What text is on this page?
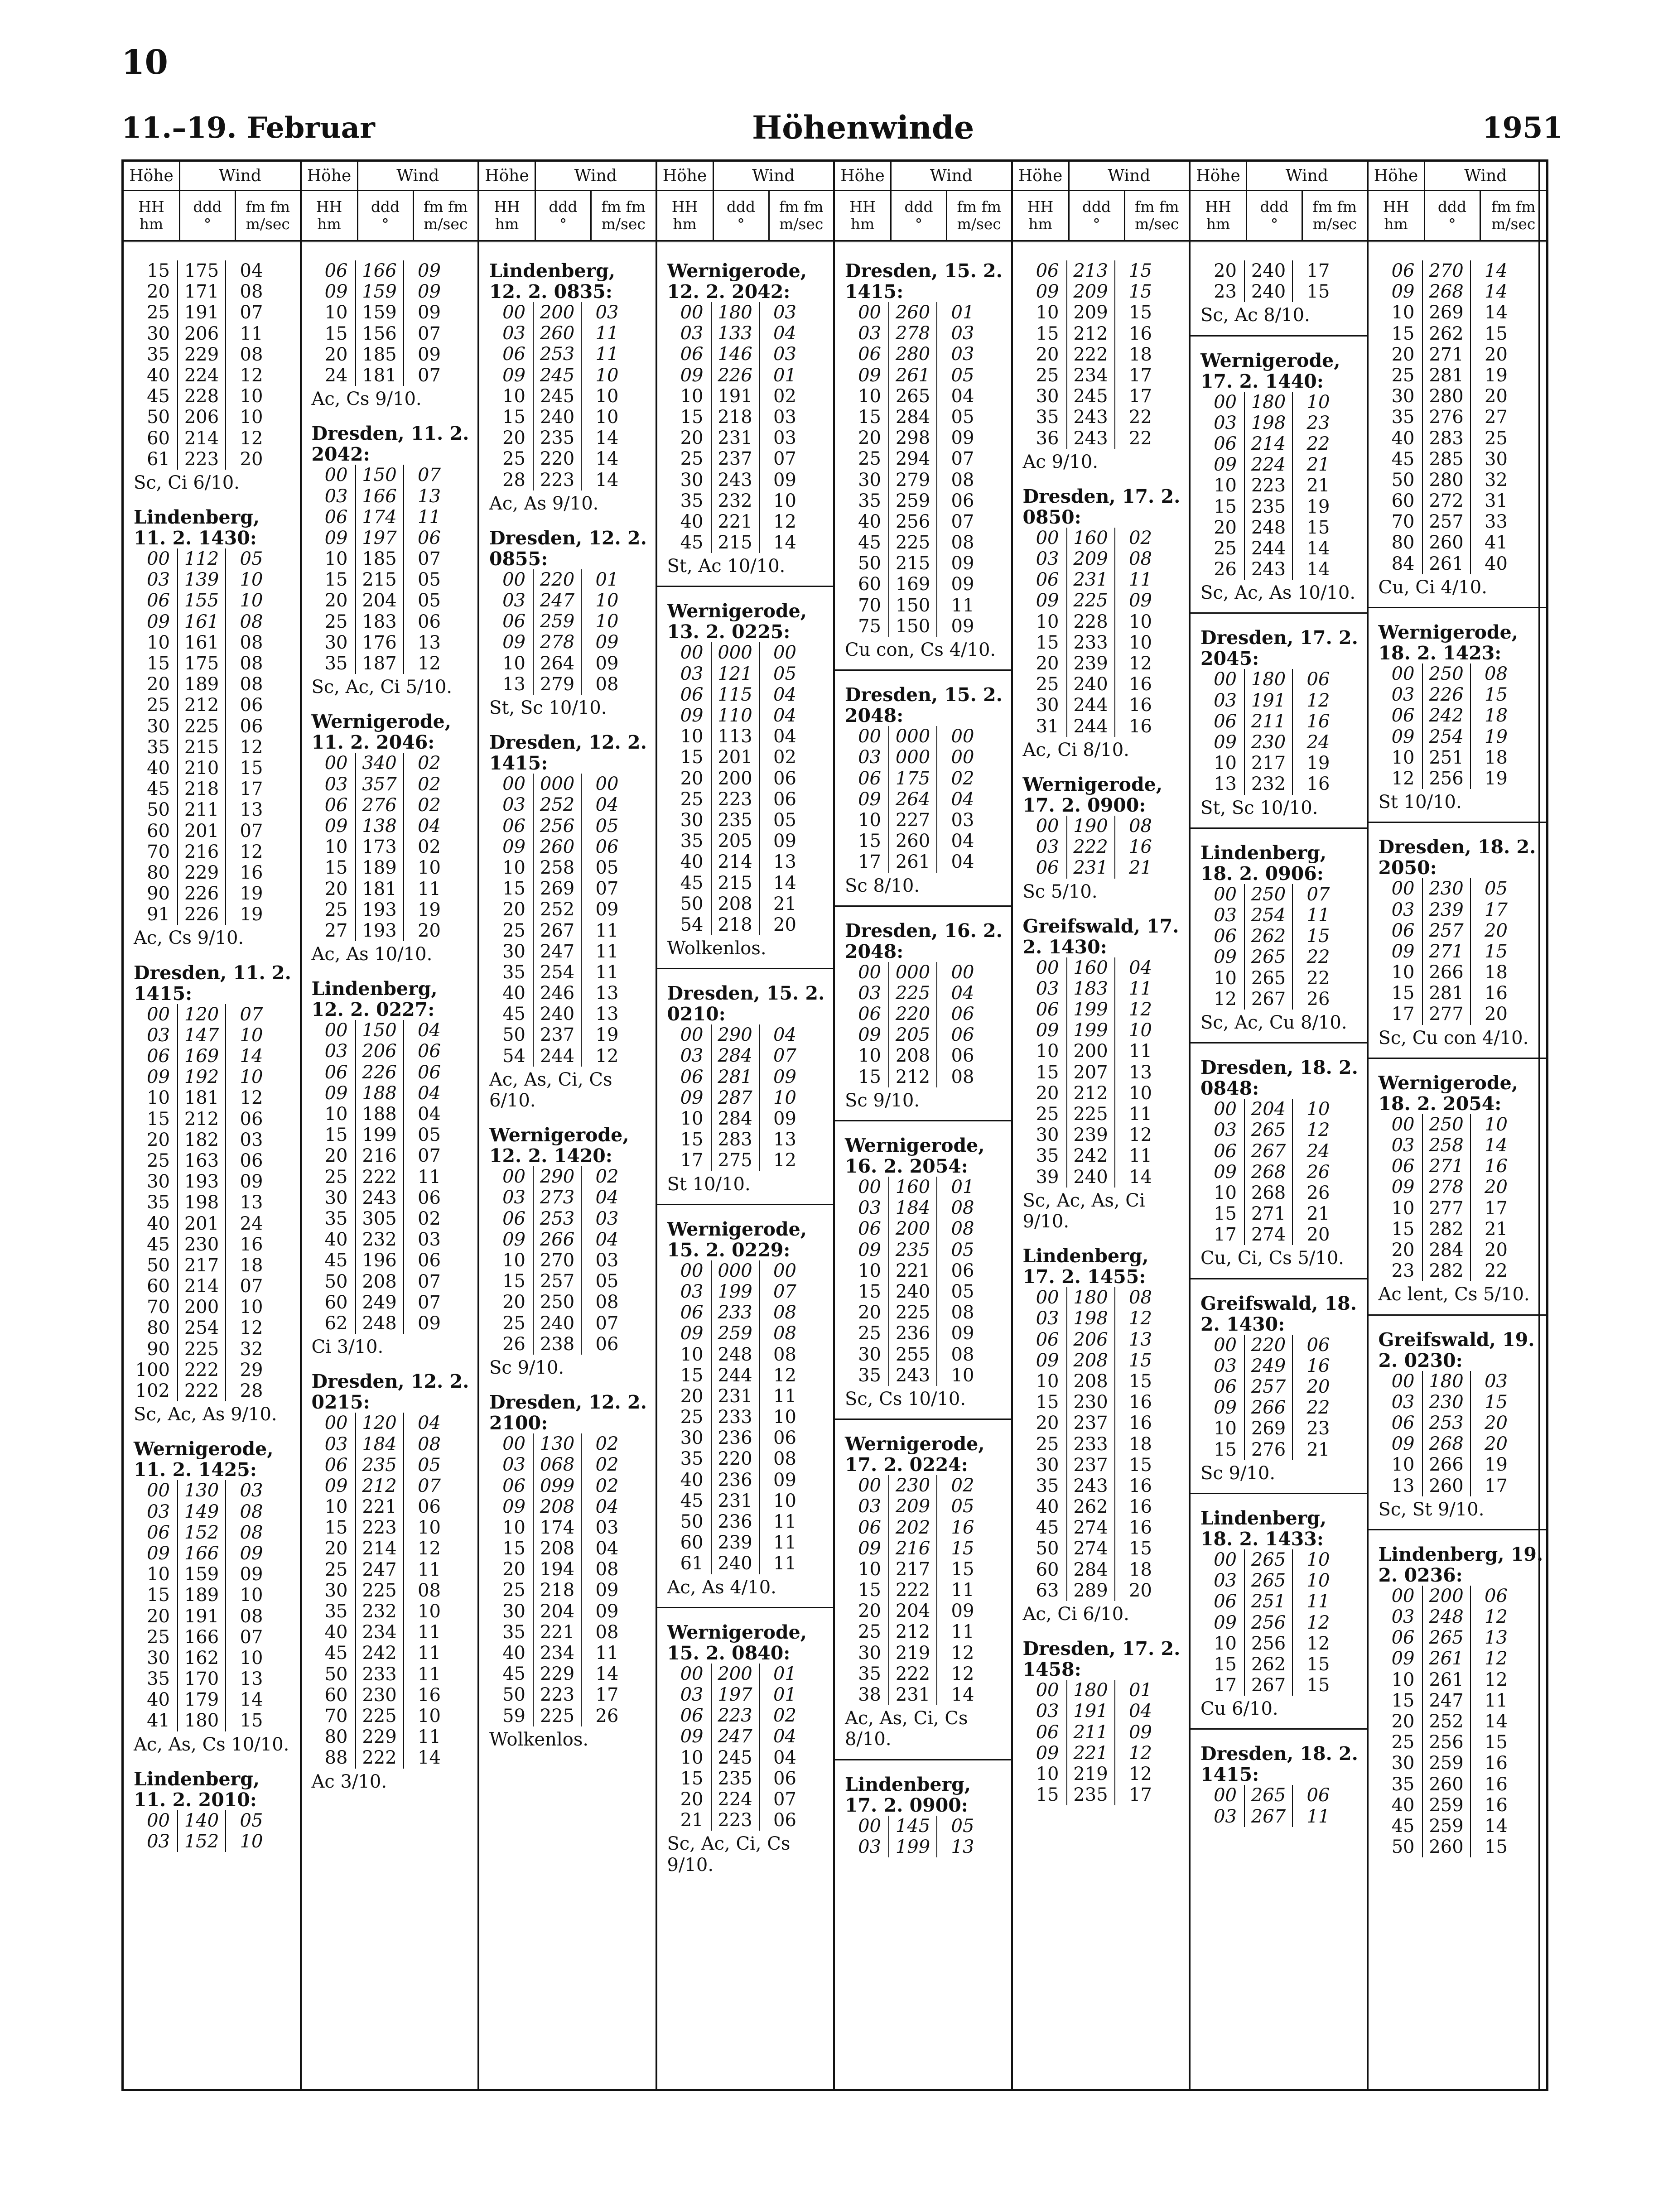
10
11.–19. Februar	Höhenwinde	1951
Höhe	Wind
HH
hm
ddd
°
fm fm
m/sec
15 175	04
20 171	08
25 191	07
30 206	11
35 229	08
40 224	12
45 228	10
50 206	10
60 214	12
61 223	20
Sc, Ci 6/10.
Lindenberg, 11. 2. 1430:
00 112	05
03 139	10
06 155	10
09 161	08
10 161	08
15 175	08
20 189	08
25 212	06
30 225	06
35 215	12
40 210	15
45 218	17
50 211	13
60 201	07
70 216	12
80 229	16
90 226	19
91 226	19
Ac, Cs 9/10.
Dresden, 11. 2. 1415:
00 120	07
03 147	10
06 169	14
09 192	10
10 181	12
15 212	06
20 182	03
25 163	06
30 193	09
35 198	13
40 201	24
45 230	16
50 217	18
60 214	07
70 200	10
80 254	12
90 225	32
100 222	29
102 222	28
Sc, Ac, As 9/10.
Wernigerode, 11. 2. 1425:
00 130	03
03 149	08
06 152	08
09 166	09
10 159	09
15 189	10
20 191	08
25 166	07
30 162	10
35 170	13
40 179	14
41 180	15
Ac, As, Cs 10/10.
Lindenberg, 11. 2. 2010:
00 140	05
03 152	10
Höhe	Wind
HH
hm
ddd
°
fm fm
m/sec
06 166	09
09 159	09
10 159	09
15 156	07
20 185	09
24 181	07
Ac, Cs 9/10.
Dresden, 11. 2. 2042:
00 150	07
03 166	13
06 174	11
09 197	06
10 185	07
15 215	05
20 204	05
25 183	06
30 176	13
35 187	12
Sc, Ac, Ci 5/10.
Wernigerode, 11. 2. 2046:
00 340	02
03 357	02
06 276	02
09 138	04
10 173	02
15 189	10
20 181	11
25 193	19
27 193	20
Ac, As 10/10.
Lindenberg, 12. 2. 0227:
00 150	04
03 206	06
06 226	06
09 188	04
10 188	04
15 199	05
20 216	07
25 222	11
30 243	06
35 305	02
40 232	03
45 196	06
50 208	07
60 249	07
62 248	09
Ci 3/10.
Dresden, 12. 2. 0215:
00 120	04
03 184	08
06 235	05
09 212	07
10 221	06
15 223	10
20 214	12
25 247	11
30 225	08
35 232	10
40 234	11
45 242	11
50 233	11
60 230	16
70 225	10
80 229	11
88 222	14
Ac 3/10.
Höhe	Wind
HH
hm
ddd
°
fm fm
m/sec
Lindenberg, 12. 2. 0835:
00 200	03
03 260	11
06 253	11
09 245	10
10 245	10
15 240	10
20 235	14
25 220	14
28 223	14
Ac, As 9/10.
Dresden, 12. 2. 0855:
00 220	01
03 247	10
06 259	10
09 278	09
10 264	09
13 279	08
St, Sc 10/10.
Dresden, 12. 2. 1415:
00 000	00
03 252	04
06 256	05
09 260	06
10 258	05
15 269	07
20 252	09
25 267	11
30 247	11
35 254	11
40 246	13
45 240	13
50 237	19
54 244	12
Ac, As, Ci, Cs 6/10.
Wernigerode, 12. 2. 1420:
00 290	02
03 273	04
06 253	03
09 266	04
10 270	03
15 257	05
20 250	08
25 240	07
26 238	06
Sc 9/10.
Dresden, 12. 2. 2100:
00 130	02
03 068	02
06 099	02
09 208	04
10 174	03
15 208	04
20 194	08
25 218	09
30 204	09
35 221	08
40 234	11
45 229	14
50 223	17
59 225	26
Wolkenlos.
Höhe	Wind
HH
hm
ddd
°
fm fm
m/sec
Wernigerode, 12. 2. 2042:
00 180	03
03 133	04
06 146	03
09 226	01
10 191	02
15 218	03
20 231	03
25 237	07
30 243	09
35 232	10
40 221	12
45 215	14
St, Ac 10/10.
Wernigerode, 13. 2. 0225:
00 000	00
03 121	05
06 115	04
09 110	04
10 113	04
15 201	02
20 200	06
25 223	06
30 235	05
35 205	09
40 214	13
45 215	14
50 208	21
54 218	20
Wolkenlos.
Dresden, 15. 2. 0210:
00 290	04
03 284	07
06 281	09
09 287	10
10 284	09
15 283	13
17 275	12
St 10/10.
Wernigerode, 15. 2. 0229:
00 000	00
03 199	07
06 233	08
09 259	08
10 248	08
15 244	12
20 231	11
25 233	10
30 236	06
35 220	08
40 236	09
45 231	10
50 236	11
60 239	11
61 240	11
Ac, As 4/10.
Wernigerode, 15. 2. 0840:
00 200	01
03 197	01
06 223	02
09 247	04
10 245	04
15 235	06
20 224	07
21 223	06
Sc, Ac, Ci, Cs 9/10.
Höhe	Wind
HH
hm
ddd
°
fm fm
m/sec
Dresden, 15. 2. 1415:
00 260	01
03 278	03
06 280	03
09 261	05
10 265	04
15 284	05
20 298	09
25 294	07
30 279	08
35 259	06
40 256	07
45 225	08
50 215	09
60 169	09
70 150	11
75 150	09
Cu con, Cs 4/10.
Dresden, 15. 2. 2048:
00 000	00
03 000	00
06 175	02
09 264	04
10 227	03
15 260	04
17 261	04
Sc 8/10.
Dresden, 16. 2. 2048:
00 000	00
03 225	04
06 220	06
09 205	06
10 208	06
15 212	08
Sc 9/10.
Wernigerode, 16. 2. 2054:
00 160	01
03 184	08
06 200	08
09 235	05
10 221	06
15 240	05
20 225	08
25 236	09
30 255	08
35 243	10
Sc, Cs 10/10.
Wernigerode, 17. 2. 0224:
00 230	02
03 209	05
06 202	16
09 216	15
10 217	15
15 222	11
20 204	09
25 212	11
30 219	12
35 222	12
38 231	14
Ac, As, Ci, Cs 8/10.
Lindenberg, 17. 2. 0900:
00 145	05
03 199	13
Höhe	Wind
HH
hm
ddd
°
fm fm
m/sec
06 213	15
09 209	15
10 209	15
15 212	16
20 222	18
25 234	17
30 245	17
35 243	22
36 243	22
Ac 9/10.
Dresden, 17. 2. 0850:
00 160	02
03 209	08
06 231	11
09 225	09
10 228	10
15 233	10
20 239	12
25 240	16
30 244	16
31 244	16
Ac, Ci 8/10.
Wernigerode, 17. 2. 0900:
00 190	08
03 222	16
06 231	21
Sc 5/10.
Greifswald, 17. 2. 1430:
00 160	04
03 183	11
06 199	12
09 199	10
10 200	11
15 207	13
20 212	10
25 225	11
30 239	12
35 242	11
39 240	14
Sc, Ac, As, Ci 9/10.
Lindenberg, 17. 2. 1455:
00 180	08
03 198	12
06 206	13
09 208	15
10 208	15
15 230	16
20 237	16
25 233	18
30 237	15
35 243	16
40 262	16
45 274	16
50 274	15
60 284	18
63 289	20
Ac, Ci 6/10.
Dresden, 17. 2. 1458:
00 180	01
03 191	04
06 211	09
09 221	12
10 219	12
15 235	17
Höhe	Wind
HH
hm
ddd
°
fm fm
m/sec
20 240	17
23 240	15
Sc, Ac 8/10.
Wernigerode, 17. 2. 1440:
00 180	10
03 198	23
06 214	22
09 224	21
10 223	21
15 235	19
20 248	15
25 244	14
26 243	14
Sc, Ac, As 10/10.
Dresden, 17. 2. 2045:
00 180	06
03 191	12
06 211	16
09 230	24
10 217	19
13 232	16
St, Sc 10/10.
Lindenberg, 18. 2. 0906:
00 250	07
03 254	11
06 262	15
09 265	22
10 265	22
12 267	26
Sc, Ac, Cu 8/10.
Dresden, 18. 2. 0848:
00 204	10
03 265	12
06 267	24
09 268	26
10 268	26
15 271	21
17 274	20
Cu, Ci, Cs 5/10.
Greifswald, 18. 2. 1430:
00 220	06
03 249	16
06 257	20
09 266	22
10 269	23
15 276	21
Sc 9/10.
Lindenberg, 18. 2. 1433:
00 265	10
03 265	10
06 251	11
09 256	12
10 256	12
15 262	15
17 267	15
Cu 6/10.
Dresden, 18. 2. 1415:
00 265	06
03 267	11
Höhe	Wind
HH
hm
ddd
°
fm fm
m/sec
06 270	14
09 268	14
10 269	14
15 262	15
20 271	20
25 281	19
30 280	20
35 276	27
40 283	25
45 285	30
50 280	32
60 272	31
70 257	33
80 260	41
84 261	40
Cu, Ci 4/10.
Wernigerode, 18. 2. 1423:
00 250	08
03 226	15
06 242	18
09 254	19
10 251	18
12 256	19
St 10/10.
Dresden, 18. 2. 2050:
00 230	05
03 239	17
06 257	20
09 271	15
10 266	18
15 281	16
17 277	20
Sc, Cu con 4/10.
Wernigerode, 18. 2. 2054:
00 250	10
03 258	14
06 271	16
09 278	20
10 277	17
15 282	21
20 284	20
23 282	22
Ac lent, Cs 5/10.
Greifswald, 19. 2. 0230:
00 180	03
03 230	15
06 253	20
09 268	20
10 266	19
13 260	17
Sc, St 9/10.
Lindenberg, 19. 2. 0236:
00 200	06
03 248	12
06 265	13
09 261	12
10 261	12
15 247	11
20 252	14
25 256	15
30 259	16
35 260	16
40 259	16
45 259	14
50 260	15
